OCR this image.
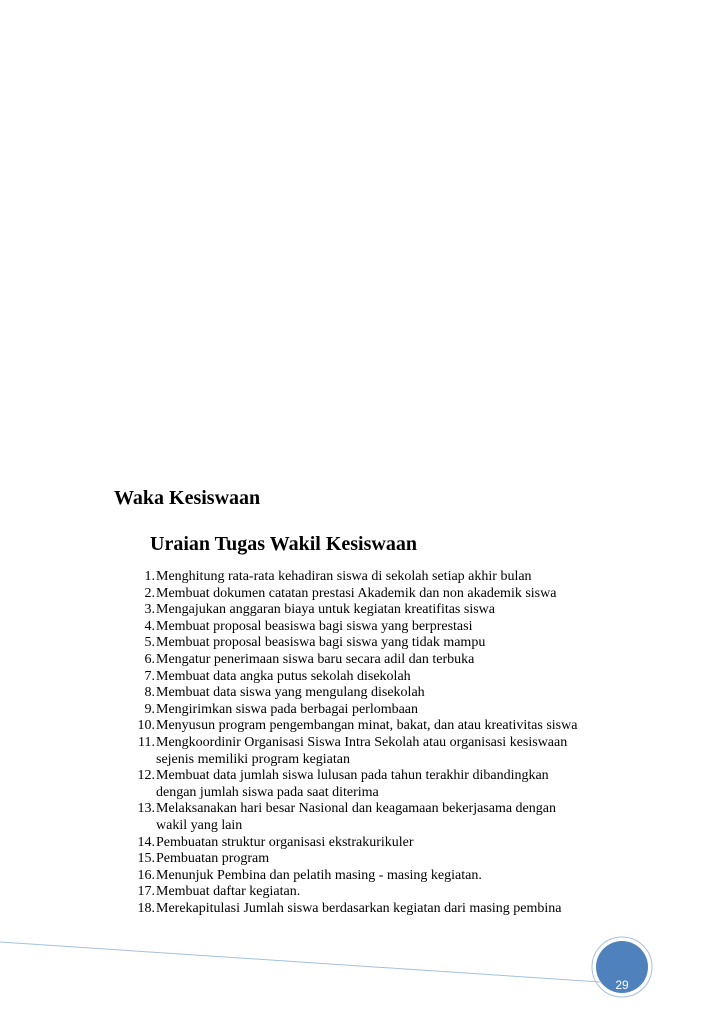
Waka Kesiswaan
Uraian Tugas Wakil Kesiswaan
1. Menghitung rata-rata kehadiran siswa di sekolah setiap akhir bulan
2. Membuat dokumen catatan prestasi Akademik dan non akademik siswa
3. Mengajukan anggaran biaya untuk kegiatan kreatifitas siswa
4. Membuat proposal beasiswa bagi siswa yang berprestasi
5. Membuat proposal beasiswa bagi siswa yang tidak mampu
6. Mengatur penerimaan siswa baru secara adil dan terbuka
7. Membuat data angka putus sekolah disekolah
8. Membuat data siswa yang mengulang disekolah
9. Mengirimkan siswa pada berbagai perlombaan
10. Menyusun program pengembangan minat, bakat, dan atau kreativitas siswa
11. Mengkoordinir Organisasi Siswa Intra Sekolah atau organisasi kesiswaan
sejenis memiliki program kegiatan
12. Membuat data jumlah siswa lulusan pada tahun terakhir dibandingkan
dengan jumlah siswa pada saat diterima
13. Melaksanakan hari besar Nasional dan keagamaan bekerjasama dengan
wakil yang lain
14. Pembuatan struktur organisasi ekstrakurikuler
15. Pembuatan program
16. Menunjuk Pembina dan pelatih masing - masing kegiatan.
17. Membuat daftar kegiatan.
18. Merekapitulasi Jumlah siswa berdasarkan kegiatan dari masing pembina
29
